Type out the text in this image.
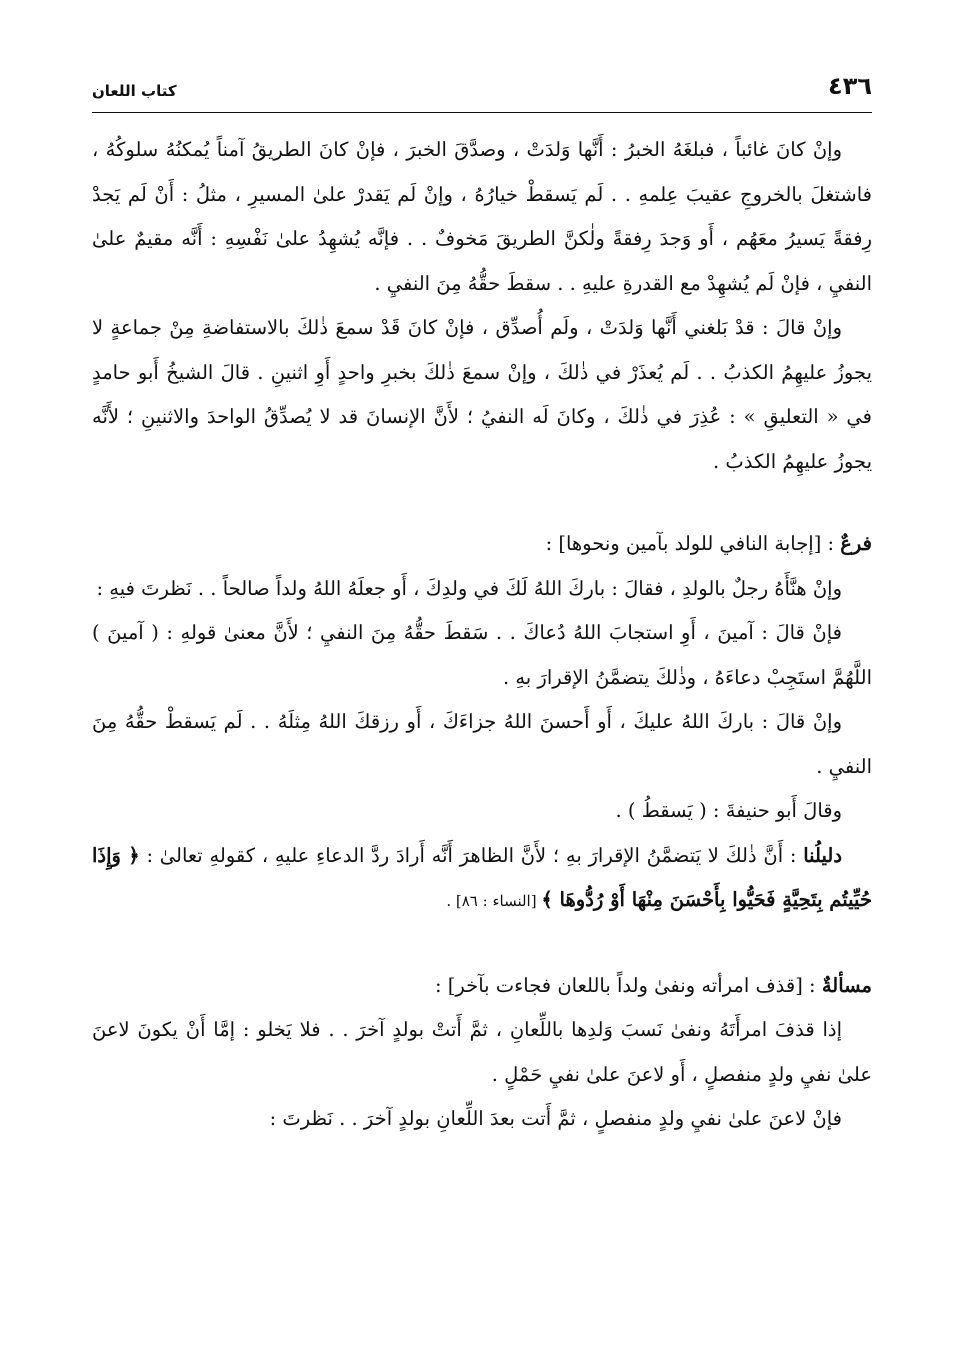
٤٣٦
كتاب اللعان

وإنْ كانَ غائباً ، فبلغَهُ الخبرُ : أَنَّها وَلدَتْ ، وصدَّقَ الخبرَ ، فإنْ كانَ الطريقُ آمناً يُمكنُهُ سلوكُهُ ، فاشتغلَ بالخروجِ عقيبَ عِلمهِ . . لَم يَسقطْ خيارُهُ ، وإنْ لَم يَقدرْ علىٰ المسيرِ ، مثلُ : أَنْ لَم يَجدْ رِفقةً يَسيرُ معَهُم ، أَو وَجدَ رِفقةً ولٰكنَّ الطريقَ مَخوفٌ . . فإنَّه يُشهِدُ علىٰ نَفْسِهِ : أَنَّه مقيمٌ علىٰ النفيِ ، فإنْ لَم يُشهِدْ مع القدرةِ عليهِ . . سقطَ حقُّهُ مِنَ النفيِ .

وإنْ قالَ : قدْ بَلغني أَنَّها وَلدَتْ ، ولَم أُصدِّق ، فإنْ كانَ قَدْ سمعَ ذٰلكَ بالاستفاضةِ مِنْ جماعةٍ لا يجوزُ عليهِمُ الكذبُ . . لَم يُعذَرْ في ذٰلكَ ، وإنْ سمعَ ذٰلكَ بخبرِ واحدٍ أَوِ اثنينِ . قالَ الشيخُ أَبو حامدٍ في « التعليقِ » : عُذِرَ في ذٰلكَ ، وكانَ لَه النفيُ ؛ لأَنَّ الإنسانَ قد لا يُصدِّقُ الواحدَ والاثنينِ ؛ لأَنَّه يجوزُ عليهِمُ الكذبُ .

فرعٌ : [إجابة النافي للولد بآمين ونحوها] :

وإنْ هنَّأَهُ رجلٌ بالولدِ ، فقالَ : باركَ اللهُ لَكَ في ولدِكَ ، أَو جعلَهُ اللهُ ولداً صالحاً . . نَظرتَ فيهِ :

فإنْ قالَ : آمينَ ، أَوِ استجابَ اللهُ دُعاكَ . . سَقطَ حقُّهُ مِنَ النفيِ ؛ لأَنَّ معنىٰ قولهِ : ( آمينَ ) اللَّهُمَّ استَجِبْ دعاءَهُ ، وذٰلكَ يتضمَّنُ الإقرارَ بهِ .

وإنْ قالَ : باركَ اللهُ عليكَ ، أَو أَحسنَ اللهُ جزاءَكَ ، أَو رزقكَ اللهُ مِثلَهُ . . لَم يَسقطْ حقُّهُ مِنَ النفيِ .

وقالَ أَبو حنيفةَ : ( يَسقطُ ) .

دليلُنا : أَنَّ ذٰلكَ لا يَتضمَّنُ الإقرارَ بهِ ؛ لأَنَّ الظاهرَ أَنَّه أَرادَ ردَّ الدعاءِ عليهِ ، كقولهِ تعالىٰ : ﴿ وَإِذَا حُيِّيتُم بِتَحِيَّةٍ فَحَيُّوا بِأَحْسَنَ مِنْهَا أَوْ رُدُّوهَا ﴾ [النساء : ٨٦] .

مسألةٌ : [قذف امرأته ونفىٰ ولداً باللعان فجاءت بآخر] :

إذا قذفَ امرأَتَهُ ونفىٰ نَسبَ وَلدِها باللِّعانِ ، ثمَّ أَتتْ بولدٍ آخرَ . . فلا يَخلو : إمَّا أَنْ يكونَ لاعنَ علىٰ نفيِ ولدٍ منفصلٍ ، أَو لاعنَ علىٰ نفيِ حَمْلٍ .

فإنْ لاعنَ علىٰ نفيِ ولدٍ منفصلٍ ، ثمَّ أَتت بعدَ اللِّعانِ بولدٍ آخرَ . . نَظرتَ :
